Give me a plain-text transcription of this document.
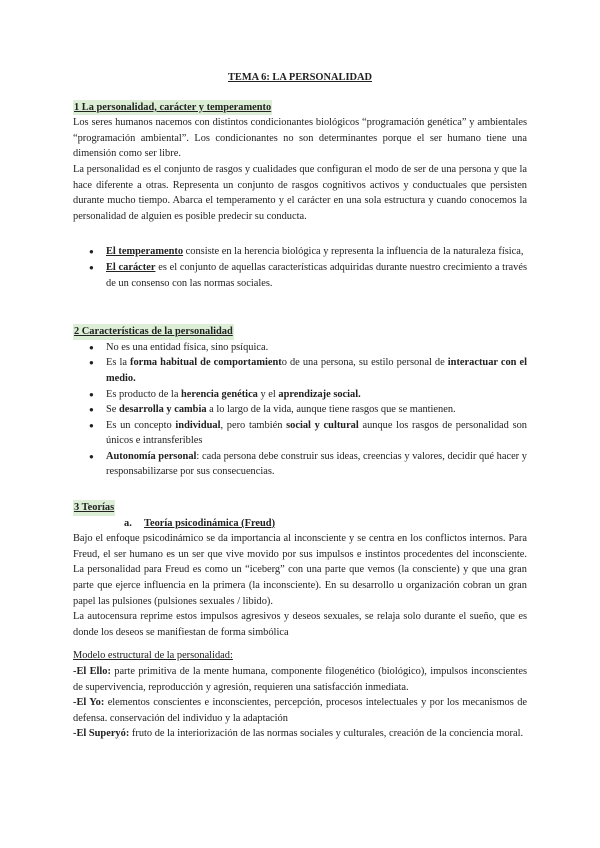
TEMA 6: LA PERSONALIDAD
1 La personalidad, carácter y temperamento

Los seres humanos nacemos con distintos condicionantes biológicos “programación genética” y ambientales “programación ambiental”. Los condicionantes no son determinantes porque el ser humano tiene una dimensión como ser libre.

La personalidad es el conjunto de rasgos y cualidades que configuran el modo de ser de una persona y que la hace diferente a otras. Representa un conjunto de rasgos cognitivos activos y conductuales que persisten durante mucho tiempo. Abarca el temperamento y el carácter en una sola estructura y cuando conocemos la personalidad de alguien es posible predecir su conducta.

● El temperamento consiste en la herencia biológica y representa la influencia de la naturaleza física,
● El carácter es el conjunto de aquellas características adquiridas durante nuestro crecimiento a través de un consenso con las normas sociales.
2 Características de la personalidad
● No es una entidad física, sino psíquica.
● Es la forma habitual de comportamiento de una persona, su estilo personal de interactuar con el medio.
● Es producto de la herencia genética y el aprendizaje social.
● Se desarrolla y cambia a lo largo de la vida, aunque tiene rasgos que se mantienen.
● Es un concepto individual, pero también social y cultural aunque los rasgos de personalidad son únicos e intransferibles
● Autonomía personal: cada persona debe construir sus ideas, creencias y valores, decidir qué hacer y responsabilizarse por sus consecuencias.
3 Teorías
a. Teoría psicodinámica (Freud)

Bajo el enfoque psicodinámico se da importancia al inconsciente y se centra en los conflictos internos. Para Freud, el ser humano es un ser que vive movido por sus impulsos e instintos procedentes del inconsciente. La personalidad para Freud es como un “iceberg” con una parte que vemos (la consciente) y que una gran parte que ejerce influencia en la primera (la inconsciente). En su desarrollo u organización cobran un gran papel las pulsiones (pulsiones sexuales / libido).

La autocensura reprime estos impulsos agresivos y deseos sexuales, se relaja solo durante el sueño, que es donde los deseos se manifiestan de forma simbólica

Modelo estructural de la personalidad:

-El Ello: parte primitiva de la mente humana, componente filogenético (biológico), impulsos inconscientes de supervivencia, reproducción y agresión, requieren una satisfacción inmediata.

-El Yo: elementos conscientes e inconscientes, percepción, procesos intelectuales y por los mecanismos de defensa. conservación del individuo y la adaptación

-El Superyó: fruto de la interiorización de las normas sociales y culturales, creación de la conciencia moral.
